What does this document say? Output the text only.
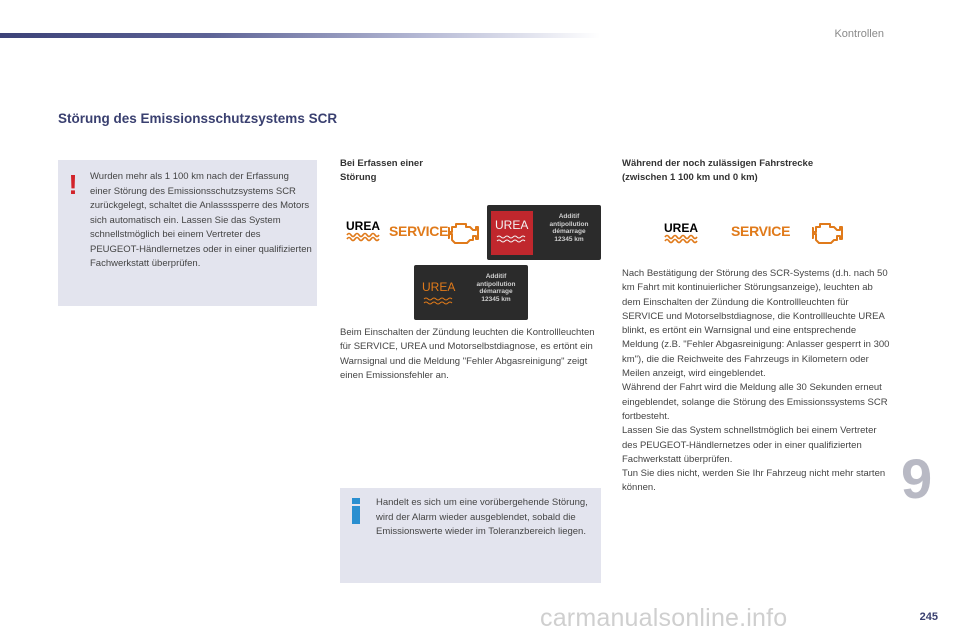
Kontrollen
Störung des Emissionsschutzsystems SCR
! Wurden mehr als 1 100 km nach der Erfassung einer Störung des Emissionsschutzsystems SCR zurückgelegt, schaltet die Anlassssperre des Motors sich automatisch ein. Lassen Sie das System schnellstmöglich bei einem Vertreter des PEUGEOT-Händlernetzes oder in einer qualifizierten Fachwerkstatt überprüfen.
Bei Erfassen einer
Störung
UREA SERVICE	UREA
Additif
antipollution
démarrage
12345 km
UREA
Additif
antipollution
démarrage
12345 km
Beim Einschalten der Zündung leuchten die Kontrollleuchten für SERVICE, UREA und Motorselbstdiagnose, es ertönt ein Warnsignal und die Meldung "Fehler Abgasreinigung" zeigt einen Emissionsfehler an.
Handelt es sich um eine vorübergehende Störung, wird der Alarm wieder ausgeblendet, sobald die Emissionswerte wieder im Toleranzbereich liegen.
Während der noch zulässigen Fahrstrecke
(zwischen 1 100 km und 0 km)
UREA SERVICE
Nach Bestätigung der Störung des SCR-Systems (d.h. nach 50 km Fahrt mit kontinuierlicher Störungsanzeige), leuchten ab dem Einschalten der Zündung die Kontrollleuchten für SERVICE und Motorselbstdiagnose, die Kontrollleuchte UREA blinkt, es ertönt ein Warnsignal und eine entsprechende Meldung (z.B. "Fehler Abgasreinigung: Anlasser gesperrt in 300 km"), die die Reichweite des Fahrzeugs in Kilometern oder Meilen anzeigt, wird eingeblendet.
Während der Fahrt wird die Meldung alle 30 Sekunden erneut eingeblendet, solange die Störung des Emissionssystems SCR fortbesteht.
Lassen Sie das System schnellstmöglich bei einem Vertreter des PEUGEOT-Händlernetzes oder in einer qualifizierten Fachwerkstatt überprüfen.
Tun Sie dies nicht, werden Sie Ihr Fahrzeug nicht mehr starten können.	9
carmanualsonline.info	245
